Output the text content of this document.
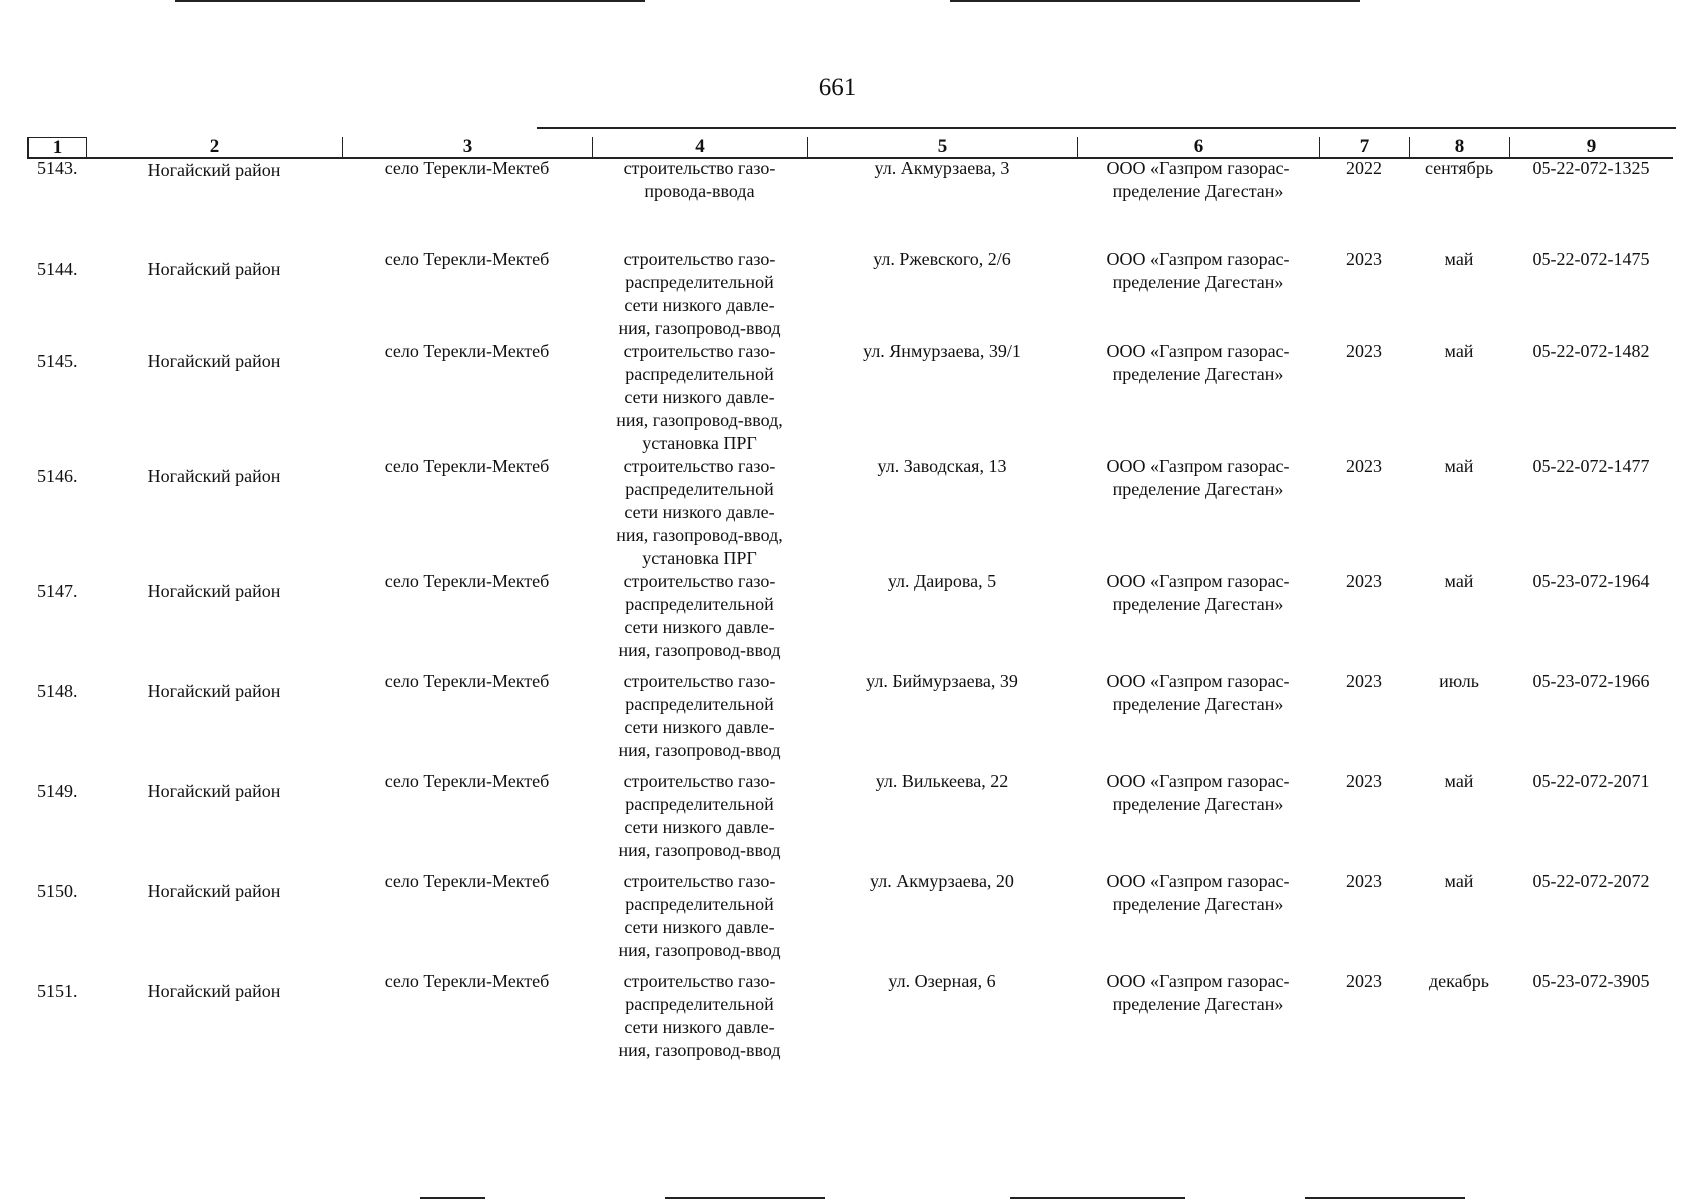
661
1	2	3	4	5	6	7	8	9
5143.	Ногайский район	село Терекли-Мектеб	строительство газо-
провода-ввода
ул. Акмурзаева, 3	ООО «Газпром газорас-
пределение Дагестан»
2022	сентябрь	05-22-072-1325
5144.	Ногайский район	село Терекли-Мектеб	строительство газо-
распределительной
сети низкого давле-
ния, газопровод-ввод
ул. Ржевского, 2/6	ООО «Газпром газорас-
пределение Дагестан»
2023	май	05-22-072-1475
5145.	Ногайский район	село Терекли-Мектеб	строительство газо-
распределительной
сети низкого давле-
ния, газопровод-ввод,
установка ПРГ
ул. Янмурзаева, 39/1	ООО «Газпром газорас-
пределение Дагестан»
2023	май	05-22-072-1482
5146.	Ногайский район	село Терекли-Мектеб	строительство газо-
распределительной
сети низкого давле-
ния, газопровод-ввод,
установка ПРГ
ул. Заводская, 13	ООО «Газпром газорас-
пределение Дагестан»
2023	май	05-22-072-1477
5147.	Ногайский район	село Терекли-Мектеб	строительство газо-
распределительной
сети низкого давле-
ния, газопровод-ввод
ул. Даирова, 5	ООО «Газпром газорас-
пределение Дагестан»
2023	май	05-23-072-1964
5148.	Ногайский район	село Терекли-Мектеб	строительство газо-
распределительной
сети низкого давле-
ния, газопровод-ввод
ул. Биймурзаева, 39	ООО «Газпром газорас-
пределение Дагестан»
2023	июль	05-23-072-1966
5149.	Ногайский район	село Терекли-Мектеб	строительство газо-
распределительной
сети низкого давле-
ния, газопровод-ввод
ул. Вилькеева, 22	ООО «Газпром газорас-
пределение Дагестан»
2023	май	05-22-072-2071
5150.	Ногайский район	село Терекли-Мектеб	строительство газо-
распределительной
сети низкого давле-
ния, газопровод-ввод
ул. Акмурзаева, 20	ООО «Газпром газорас-
пределение Дагестан»
2023	май	05-22-072-2072
5151.	Ногайский район	село Терекли-Мектеб	строительство газо-
распределительной
сети низкого давле-
ния, газопровод-ввод
ул. Озерная, 6	ООО «Газпром газорас-
пределение Дагестан»
2023	декабрь	05-23-072-3905
